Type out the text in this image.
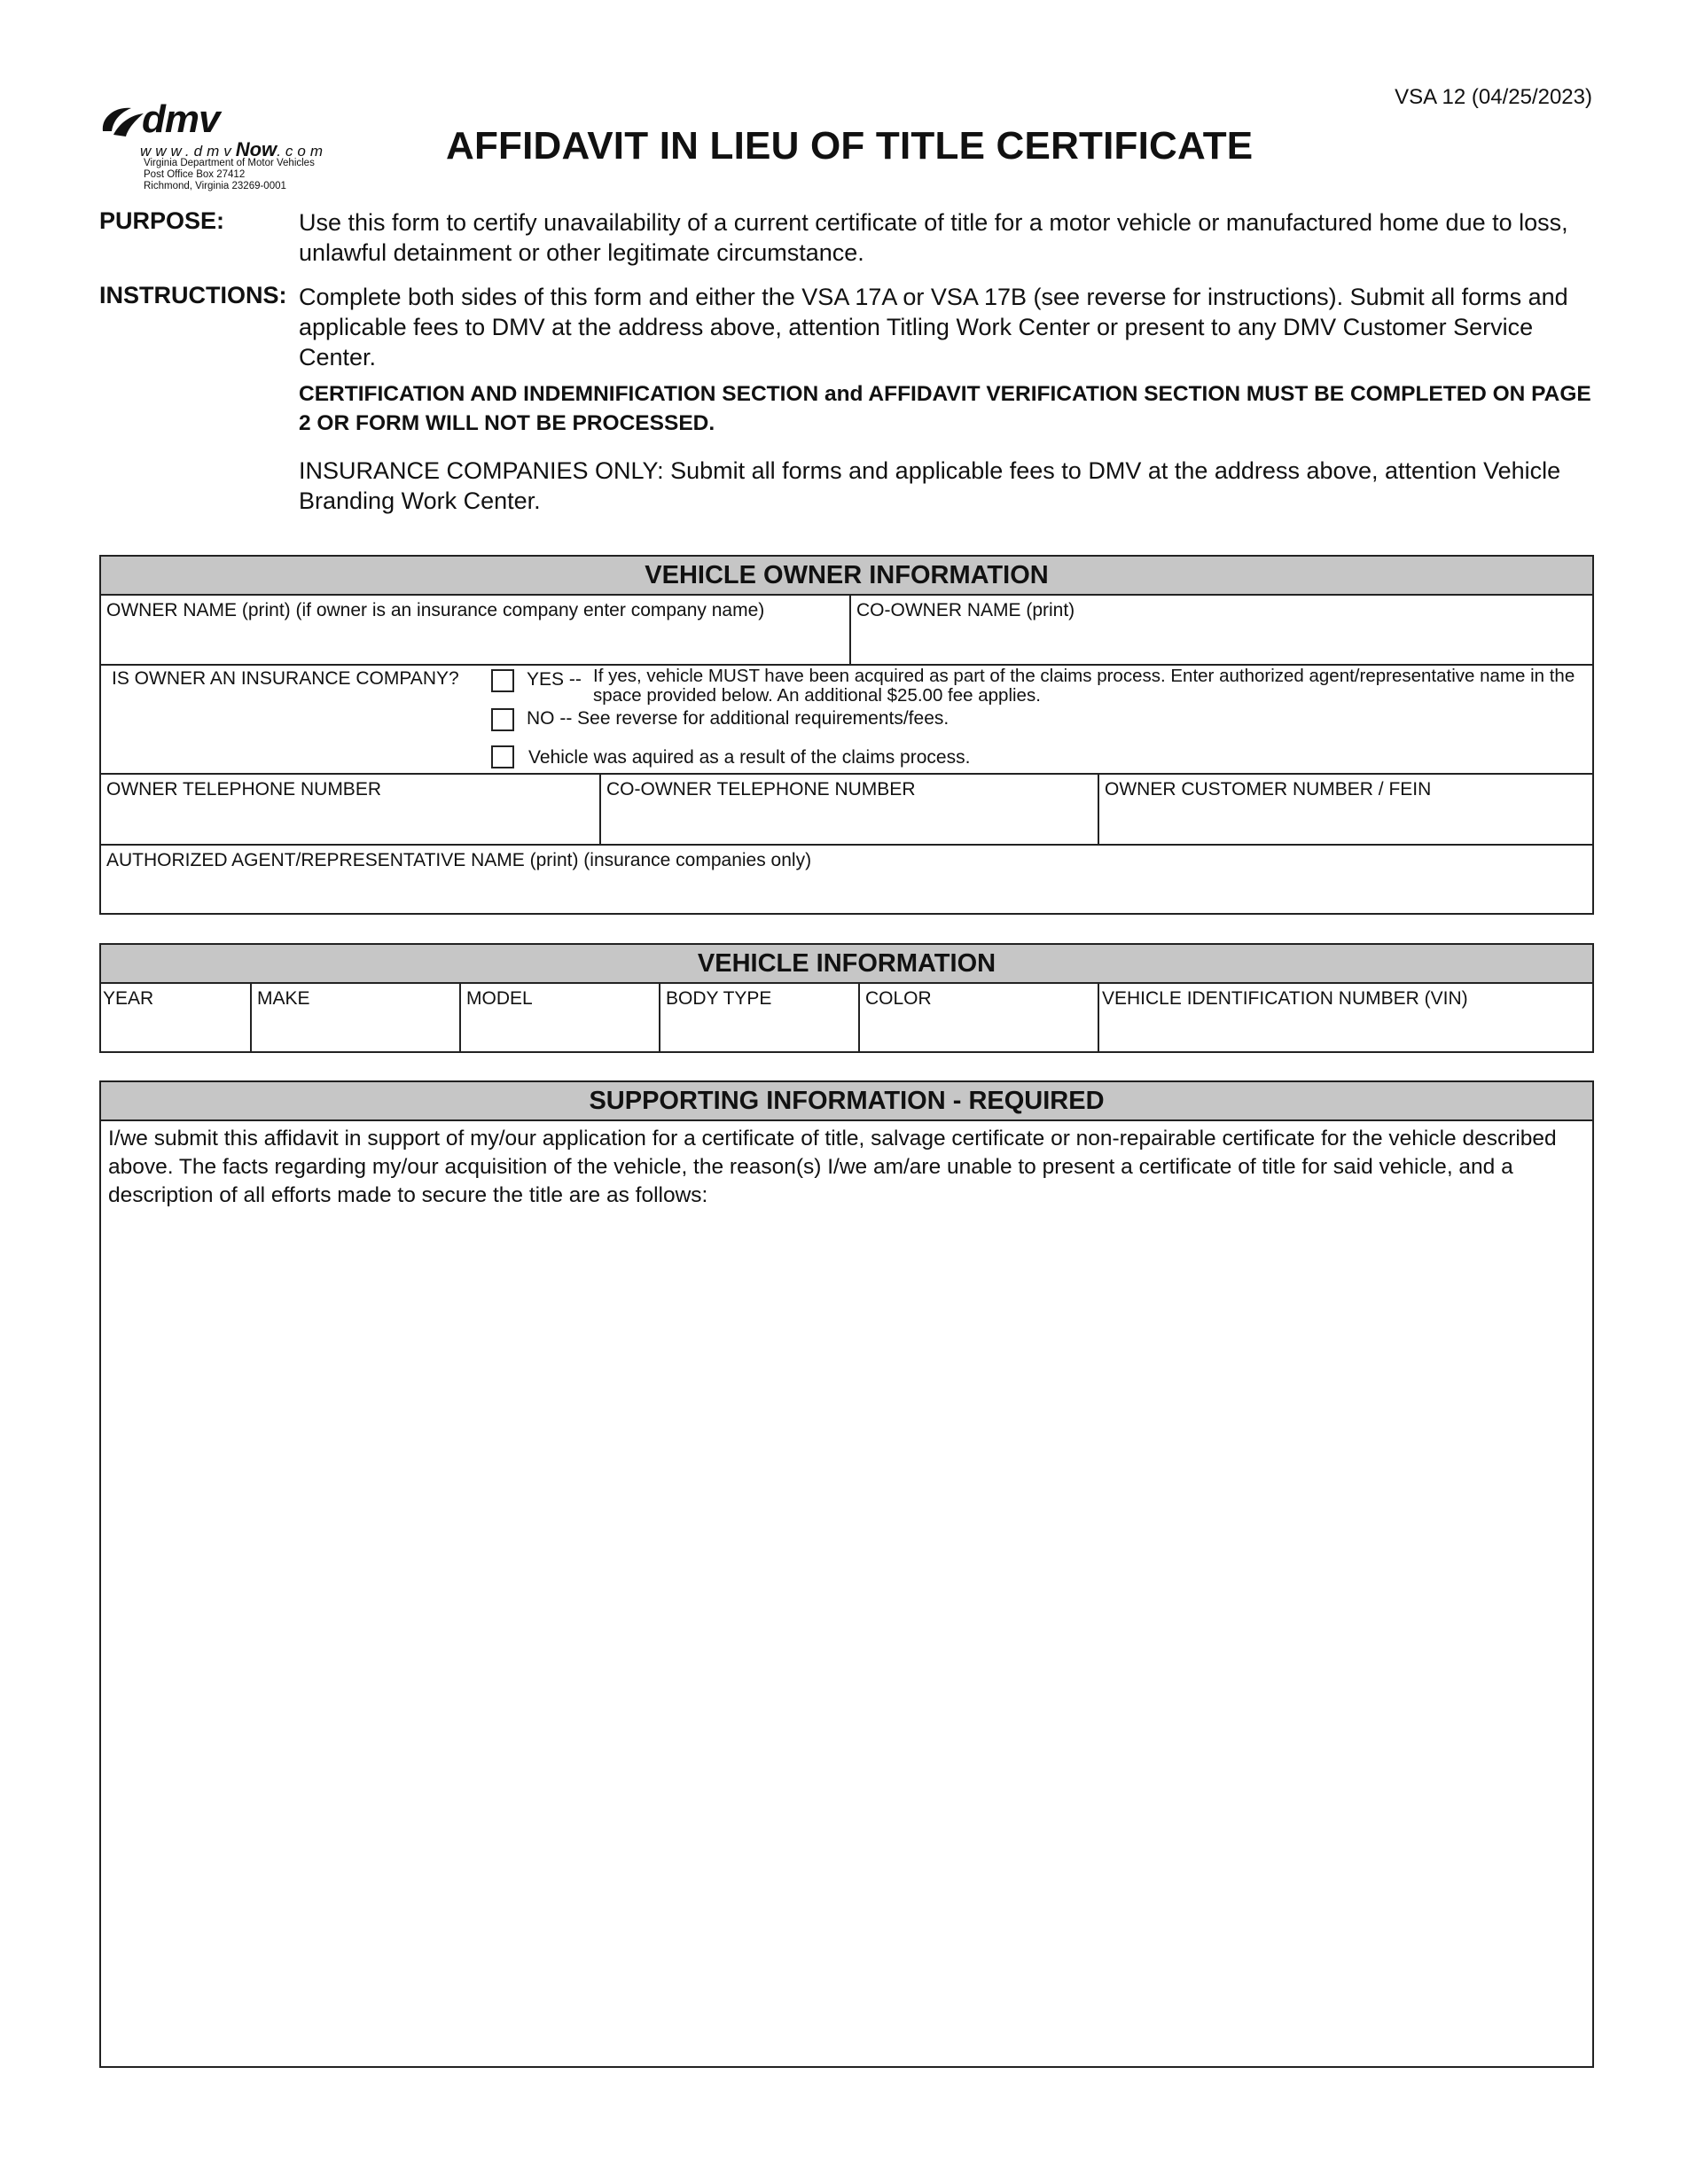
VSA 12 (04/25/2023)
dmv
www.dmvNow.com
Virginia Department of Motor Vehicles
Post Office Box 27412
Richmond, Virginia 23269-0001
AFFIDAVIT IN LIEU OF TITLE CERTIFICATE
PURPOSE:	Use this form to certify unavailability of a current certificate of title for a motor vehicle or manufactured home due to loss, unlawful detainment or other legitimate circumstance.
INSTRUCTIONS: Complete both sides of this form and either the VSA 17A or VSA 17B (see reverse for instructions). Submit all forms and applicable fees to DMV at the address above, attention Titling Work Center or present to any DMV Customer Service Center.
CERTIFICATION AND INDEMNIFICATION SECTION and AFFIDAVIT VERIFICATION SECTION MUST BE COMPLETED ON PAGE 2 OR FORM WILL NOT BE PROCESSED.
INSURANCE COMPANIES ONLY: Submit all forms and applicable fees to DMV at the address above, attention Vehicle Branding Work Center.
VEHICLE OWNER INFORMATION
OWNER NAME (print) (if owner is an insurance company enter company name)	CO-OWNER NAME (print)
IS OWNER AN INSURANCE COMPANY?	YES -- If yes, vehicle MUST have been acquired as part of the claims process. Enter authorized agent/representative name in the space provided below. An additional $25.00 fee applies.
NO -- See reverse for additional requirements/fees.
Vehicle was aquired as a result of the claims process.
OWNER TELEPHONE NUMBER	CO-OWNER TELEPHONE NUMBER	OWNER CUSTOMER NUMBER / FEIN
AUTHORIZED AGENT/REPRESENTATIVE NAME (print) (insurance companies only)
VEHICLE INFORMATION
YEAR	MAKE	MODEL	BODY TYPE	COLOR	VEHICLE IDENTIFICATION NUMBER (VIN)
SUPPORTING INFORMATION - REQUIRED
I/we submit this affidavit in support of my/our application for a certificate of title, salvage certificate or non-repairable certificate for the vehicle described above. The facts regarding my/our acquisition of the vehicle, the reason(s) I/we am/are unable to present a certificate of title for said vehicle, and a description of all efforts made to secure the title are as follows:
